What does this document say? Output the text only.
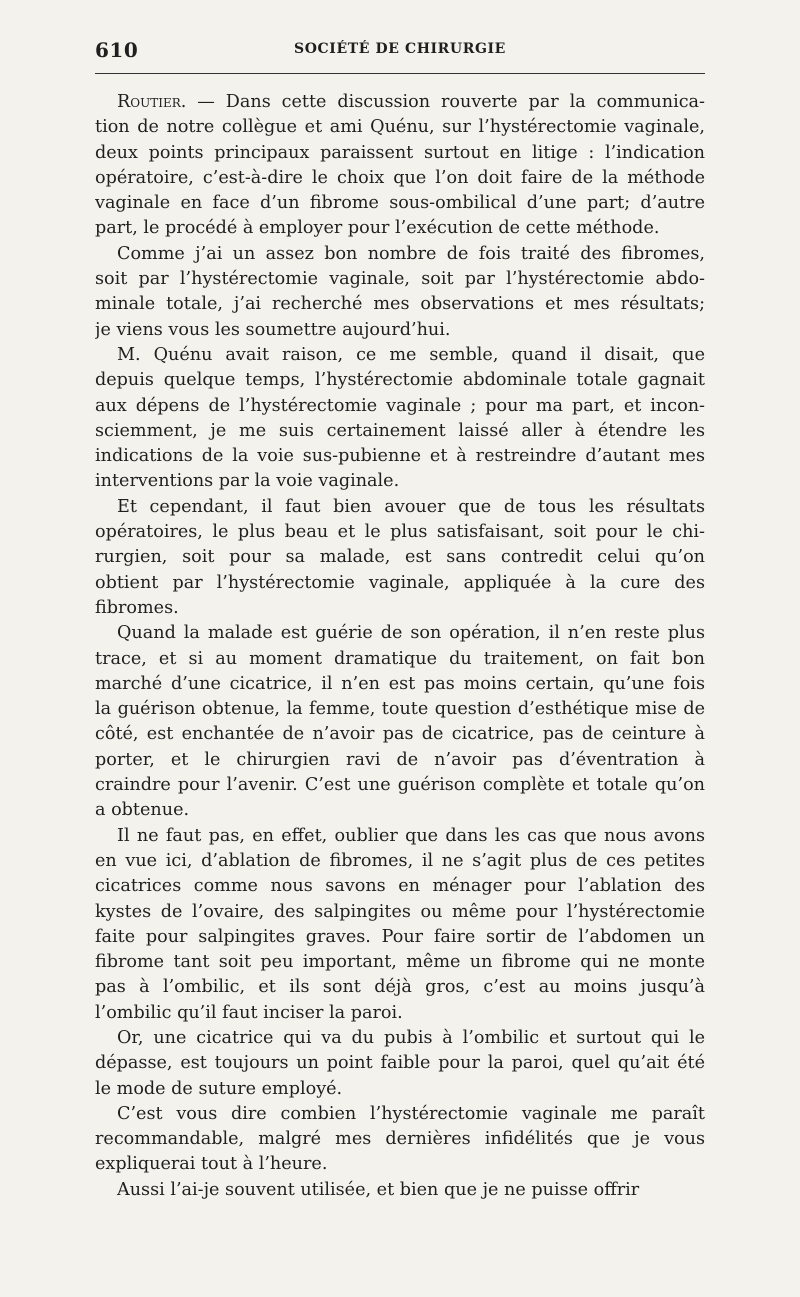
610	SOCIÉTÉ DE CHIRURGIE
Routier. — Dans cette discussion rouverte par la communica-
tion de notre collègue et ami Quénu, sur l’hystérectomie vaginale,
deux points principaux paraissent surtout en litige : l’indication
opératoire, c’est-à-dire le choix que l’on doit faire de la méthode
vaginale en face d’un fibrome sous-ombilical d’une part; d’autre
part, le procédé à employer pour l’exécution de cette méthode.
Comme j’ai un assez bon nombre de fois traité des fibromes,
soit par l’hystérectomie vaginale, soit par l’hystérectomie abdo-
minale totale, j’ai recherché mes observations et mes résultats;
je viens vous les soumettre aujourd’hui.
M. Quénu avait raison, ce me semble, quand il disait, que
depuis quelque temps, l’hystérectomie abdominale totale gagnait
aux dépens de l’hystérectomie vaginale ; pour ma part, et incon-
sciemment, je me suis certainement laissé aller à étendre les
indications de la voie sus-pubienne et à restreindre d’autant mes
interventions par la voie vaginale.
Et cependant, il faut bien avouer que de tous les résultats
opératoires, le plus beau et le plus satisfaisant, soit pour le chi-
rurgien, soit pour sa malade, est sans contredit celui qu’on
obtient par l’hystérectomie vaginale, appliquée à la cure des
fibromes.
Quand la malade est guérie de son opération, il n’en reste plus
trace, et si au moment dramatique du traitement, on fait bon
marché d’une cicatrice, il n’en est pas moins certain, qu’une fois
la guérison obtenue, la femme, toute question d’esthétique mise de
côté, est enchantée de n’avoir pas de cicatrice, pas de ceinture à
porter, et le chirurgien ravi de n’avoir pas d’éventration à
craindre pour l’avenir. C’est une guérison complète et totale qu’on
a obtenue.
Il ne faut pas, en effet, oublier que dans les cas que nous avons
en vue ici, d’ablation de fibromes, il ne s’agit plus de ces petites
cicatrices comme nous savons en ménager pour l’ablation des
kystes de l’ovaire, des salpingites ou même pour l’hystérectomie
faite pour salpingites graves. Pour faire sortir de l’abdomen un
fibrome tant soit peu important, même un fibrome qui ne monte
pas à l’ombilic, et ils sont déjà gros, c’est au moins jusqu’à
l’ombilic qu’il faut inciser la paroi.
Or, une cicatrice qui va du pubis à l’ombilic et surtout qui le
dépasse, est toujours un point faible pour la paroi, quel qu’ait été
le mode de suture employé.
C’est vous dire combien l’hystérectomie vaginale me paraît
recommandable, malgré mes dernières infidélités que je vous
expliquerai tout à l’heure.
Aussi l’ai-je souvent utilisée, et bien que je ne puisse offrir
